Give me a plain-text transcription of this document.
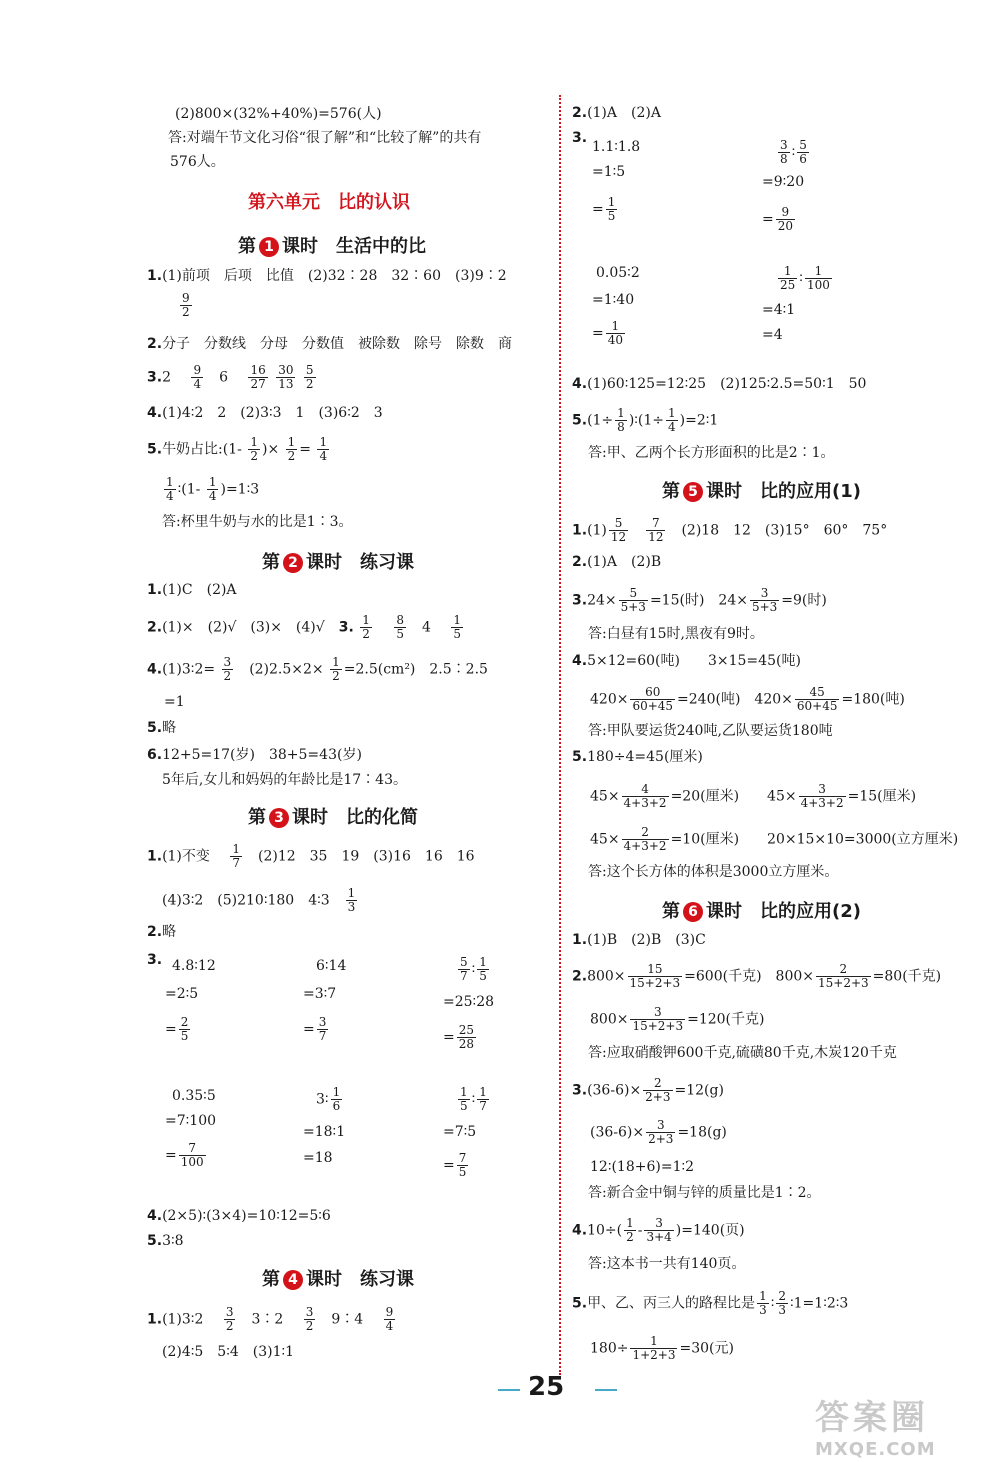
(2)800×(32%+40%)=576(人)
答:对端午节文化习俗“很了解”和“比较了解”的共有
576人。
第六单元　比的认识
第 1 课时　生活中的比
1.(1)前项　后项　比值　(2)32∶28　32∶60　(3)9∶2
$\frac{9}{2}$
2.分子　分数线　分母　分数值　被除数　除号　除数　商
3.2　 $\frac{9}{4}$
　 6　 $\frac{16}{27}$
$\frac{30}{13}$
$\frac{5}{2}$
4.(1)4∶2　2　(2)3∶3　1　(3)6∶2　3
5.牛奶占比:(1- $\frac{1}{2}$ )× $\frac{1}{2} = \frac{1}{4}$
$\frac{1}{4}$ ∶(1- $\frac{1}{4}$ )=1∶3
答:杯里牛奶与水的比是1∶3。
第 2 课时　练习课
1.(1)C　(2)A
2.(1)×　(2)√　(3)×　(4)√　 3. $\frac{1}{2}$
　 $\frac{8}{5}$
　 4　 $\frac{1}{5}$
4.(1)3∶2= $\frac{3}{2}$
　 $(2)2.5\times 2\times \frac{1}{2} =2.5(cm^2)$　2.5∶2.5
=1
5.略
6.12+5=17(岁)　38+5=43(岁)
5年后,女儿和妈妈的年龄比是17∶43。
第 3 课时　比的化简
1.(1)不变　 $\frac{1}{7}$
　 (2)12　35　19　(3)16　16　16
(4)3∶2　(5)210∶180　4∶3　 $\frac{1}{3}$
2.略
3. 4.8∶12
=2∶5
= $\frac{2}{5}$
6∶14
=3∶7
= $\frac{3}{7}$
$\frac{5}{7}$ ∶ $\frac{1}{5}$
=25∶28
= $\frac{25}{28}$
0.35∶5
=7∶100
= $\frac{7}{100}$
3∶ $\frac{1}{6}$
=18∶1
=18
$\frac{1}{5}$ ∶ $\frac{1}{7}$
=7∶5
= $\frac{7}{5}$
4.(2×5)∶(3×4)=10∶12=5∶6
5.3∶8
第 4 课时　练习课
1.(1)3∶2　 $\frac{3}{2}$
　 3∶2　 $\frac{3}{2}$
　 9∶4　 $\frac{9}{4}$
(2)4∶5　5∶4　(3)1∶1
2.(1)A　(2)A
3.
1.1∶1.8
=1∶5
= $\frac{1}{5}$
$\frac{3}{8}$ ∶ $\frac{5}{6}$
=9∶20
= $\frac{9}{20}$
0.05∶2
=1∶40
= $\frac{1}{40}$
$\frac{1}{25}$ ∶ $\frac{1}{100}$
=4∶1
=4
4.(1)60∶125=12∶25　(2)125∶2.5=50∶1　50
$5.(1\div \frac{1}{8}$ )∶(1÷ $\frac{1}{4}$ )=2∶1
答:甲、乙两个长方形面积的比是2∶1。
第 5 课时　比的应用(1)
$1.(1) \frac{5}{12}$
　 $\frac{7}{12}$
　 (2)18　12　(3)15°　60°　75°
2.(1)A　(2)B
$3.24\times \frac{5}{5+3} =15$(时)　$24\times \frac{3}{5+3} =9$(时)
答:白昼有15时,黑夜有9时。
4.5×12=60(吨)　　3×15=45(吨)
$420\times \frac{60}{60+45} =240$(吨)　$420\times \frac{45}{60+45} =180$(吨)
答:甲队要运货240吨,乙队要运货180吨
5.180÷4=45(厘米)
$45\times \frac{4}{4+3+2} =20$(厘米)　　 $45\times \frac{3}{4+3+2} =15$(厘米)
$45\times \frac{2}{4+3+2} =10$(厘米)　　 20×15×10=3000(立方厘米)
答:这个长方体的体积是3000立方厘米。
第 6 课时　比的应用(2)
1.(1)B　(2)B　(3)C
$2.800\times \frac{15}{15+2+3} =600$(千克)　$800\times \frac{2}{15+2+3} =80$(千克)
$800\times \frac{3}{15+2+3} =120$(千克)
答:应取硝酸钾600千克,硫磺80千克,木炭120千克
$3.(36-6)\times \frac{2}{2+3} =12(g)$
$(36-6)\times \frac{3}{2+3} =18(g)$
12∶(18+6)=1∶2
答:新合金中铜与锌的质量比是1∶2。
$4.10\div( \frac{1}{2} - \frac{3}{3+4} )=140$(页)
答:这本书一共有140页。
5.甲、乙、丙三人的路程比是 $\frac{1}{3}$ ∶ $\frac{2}{3}$ ∶1=1∶2∶3
$180\div \frac{1}{1+2+3} =30$(元)
25
答案圈
MXQE.COM
